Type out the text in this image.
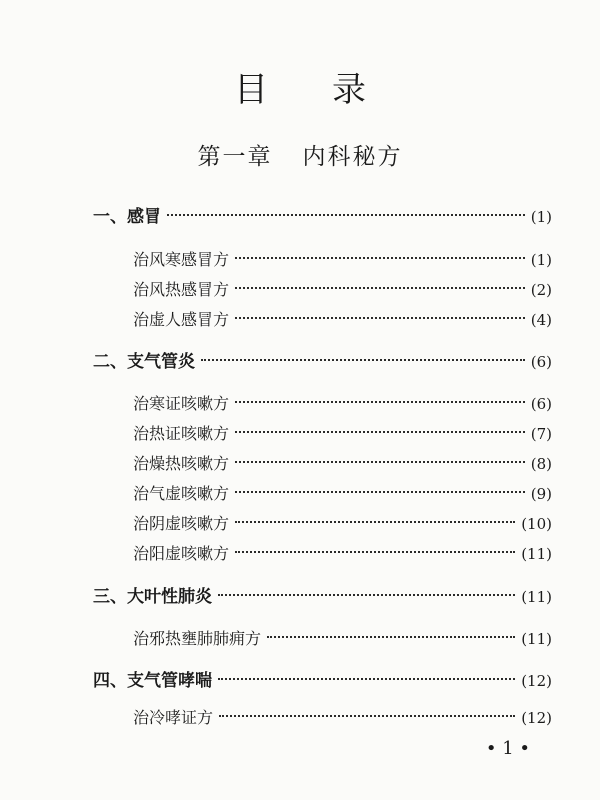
目 录
第一章 内科秘方
一、感冒	(1)
治风寒感冒方	(1)
治风热感冒方	(2)
治虚人感冒方	(4)
二、支气管炎	(6)
治寒证咳嗽方	(6)
治热证咳嗽方	(7)
治燥热咳嗽方	(8)
治气虚咳嗽方	(9)
治阴虚咳嗽方	(10)
治阳虚咳嗽方	(11)
三、大叶性肺炎	(11)
治邪热壅肺肺痈方	(11)
四、支气管哮喘	(12)
治冷哮证方	(12)
• 1 •
